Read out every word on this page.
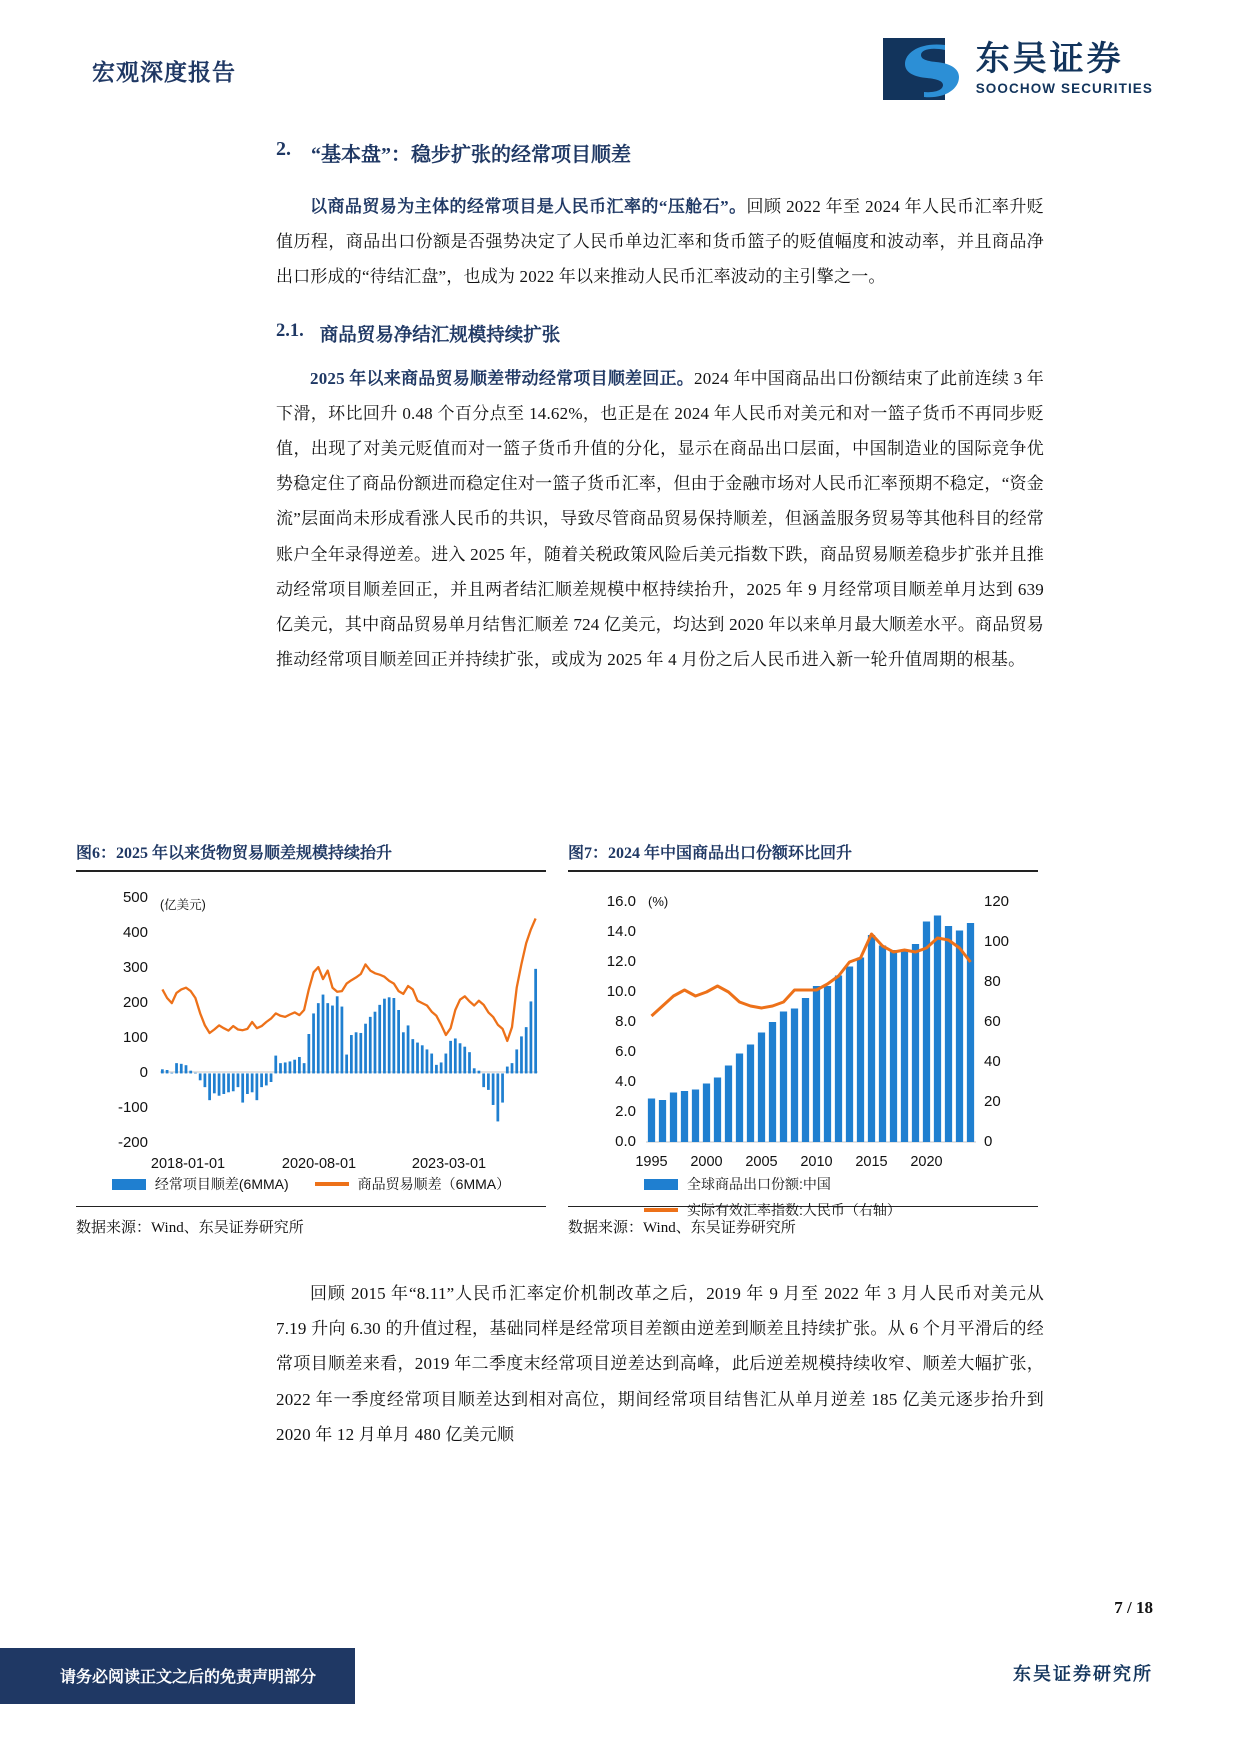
宏观深度报告	东吴证券
SOOCHOW SECURITIES
2. “基本盘”：稳步扩张的经常项目顺差

以商品贸易为主体的经常项目是人民币汇率的“压舱石”。回顾 2022 年至 2024 年人民币汇率升贬值历程，商品出口份额是否强势决定了人民币单边汇率和货币篮子的贬值幅度和波动率，并且商品净出口形成的“待结汇盘”，也成为 2022 年以来推动人民币汇率波动的主引擎之一。

2.1. 商品贸易净结汇规模持续扩张

2025 年以来商品贸易顺差带动经常项目顺差回正。2024 年中国商品出口份额结束了此前连续 3 年下滑，环比回升 0.48 个百分点至 14.62%，也正是在 2024 年人民币对美元和对一篮子货币不再同步贬值，出现了对美元贬值而对一篮子货币升值的分化，显示在商品出口层面，中国制造业的国际竞争优势稳定住了商品份额进而稳定住对一篮子货币汇率，但由于金融市场对人民币汇率预期不稳定，“资金流”层面尚未形成看涨人民币的共识，导致尽管商品贸易保持顺差，但涵盖服务贸易等其他科目的经常账户全年录得逆差。进入 2025 年，随着关税政策风险后美元指数下跌，商品贸易顺差稳步扩张并且推动经常项目顺差回正，并且两者结汇顺差规模中枢持续抬升，2025 年 9 月经常项目顺差单月达到 639 亿美元，其中商品贸易单月结售汇顺差 724 亿美元，均达到 2020 年以来单月最大顺差水平。商品贸易推动经常项目顺差回正并持续扩张，或成为 2025 年 4 月份之后人民币进入新一轮升值周期的根基。

图6：2025 年以来货物贸易顺差规模持续抬升
500
400
300
200
100
0
-100
-200
(亿美元)
2018-01-01	2020-08-01	2023-03-01
经常项目顺差(6MMA)	商品贸易顺差（6MMA）
数据来源：Wind、东吴证券研究所
图7：2024 年中国商品出口份额环比回升
16.0
14.0
12.0
10.0
8.0
6.0
4.0
2.0
0.0
(%)	120
100
80
60
40
20
0
1995 2000 2005 2010 2015 2020
全球商品出口份额:中国
实际有效汇率指数:人民币（右轴）
数据来源：Wind、东吴证券研究所

回顾 2015 年“8.11”人民币汇率定价机制改革之后，2019 年 9 月至 2022 年 3 月人民币对美元从 7.19 升向 6.30 的升值过程，基础同样是经常项目差额由逆差到顺差且持续扩张。从 6 个月平滑后的经常项目顺差来看，2019 年二季度末经常项目逆差达到高峰，此后逆差规模持续收窄、顺差大幅扩张，2022 年一季度经常项目顺差达到相对高位，期间经常项目结售汇从单月逆差 185 亿美元逐步抬升到 2020 年 12 月单月 480 亿美元顺

7 / 18
请务必阅读正文之后的免责声明部分	东吴证券研究所
